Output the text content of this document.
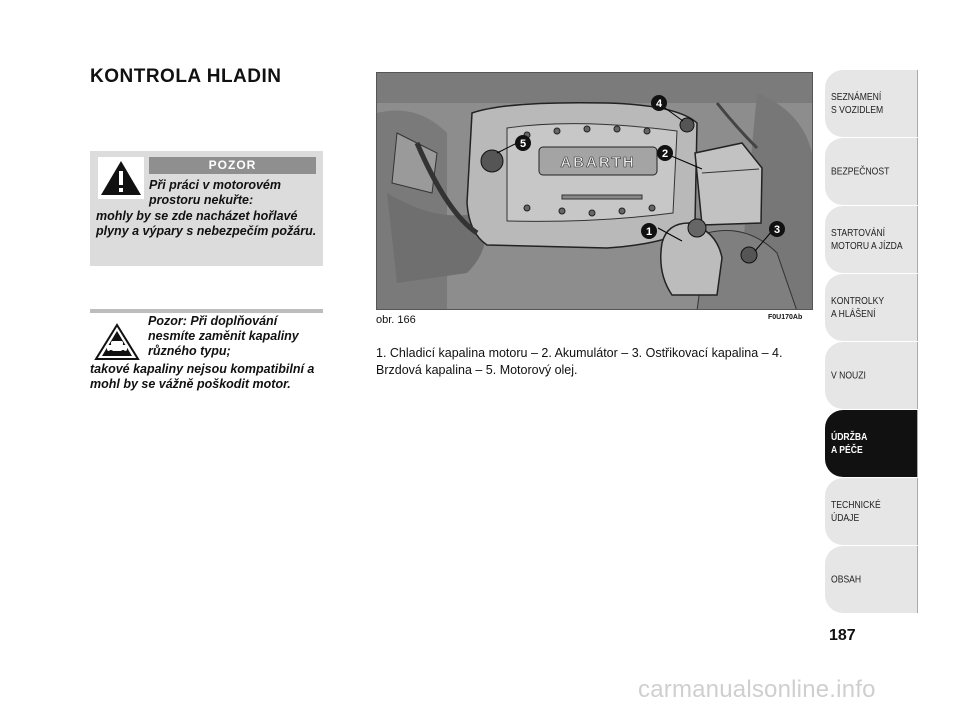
KONTROLA HLADIN
POZOR
Při práci v motorovém prostoru nekuřte:
mohly by se zde nacházet hořlavé plyny a výpary s nebezpečím požáru.
Pozor: Při doplňování nesmíte zaměnit kapaliny různého typu;
takové kapaliny nejsou kompatibilní a mohl by se vážně poškodit motor.
ABARTH
1
2
3
4
5
obr. 166	F0U170Ab

1. Chladicí kapalina motoru – 2. Akumulátor – 3. Ostřikovací kapalina – 4. Brzdová kapalina – 5. Motorový olej.

SEZNÁMENÍ
S VOZIDLEM
BEZPEČNOST
STARTOVÁNÍ
MOTORU A JÍZDA
KONTROLKY
A HLÁŠENÍ
V NOUZI
ÚDRŽBA
A PÉČE
TECHNICKÉ
ÚDAJE
OBSAH
187
carmanualsonline.info
